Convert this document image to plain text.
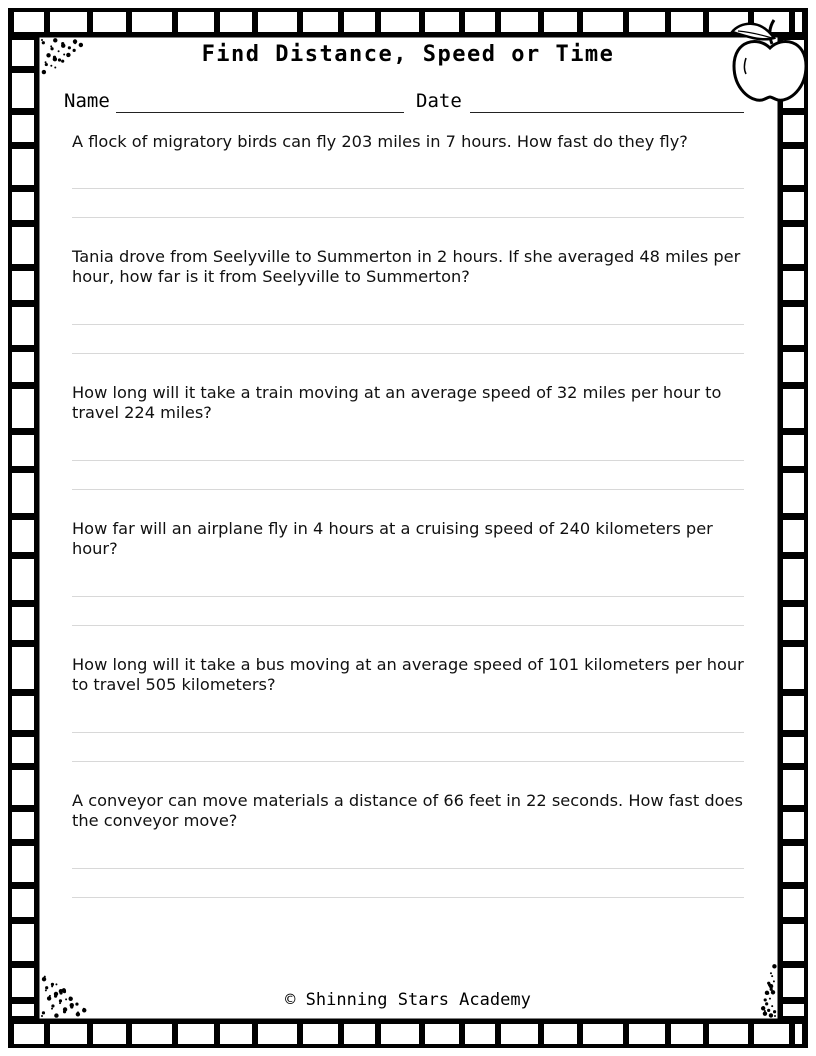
Find Distance, Speed or Time
Name	Date
A flock of migratory birds can fly 203 miles in 7 hours. How fast do they fly?
Tania drove from Seelyville to Summerton in 2 hours. If she averaged 48 miles per hour, how far is it from Seelyville to Summerton?
How long will it take a train moving at an average speed of 32 miles per hour to travel 224 miles?
How far will an airplane fly in 4 hours at a cruising speed of 240 kilometers per hour?
How long will it take a bus moving at an average speed of 101 kilometers per hour to travel 505 kilometers?
A conveyor can move materials a distance of 66 feet in 22 seconds. How fast does the conveyor move?
© Shinning Stars Academy
